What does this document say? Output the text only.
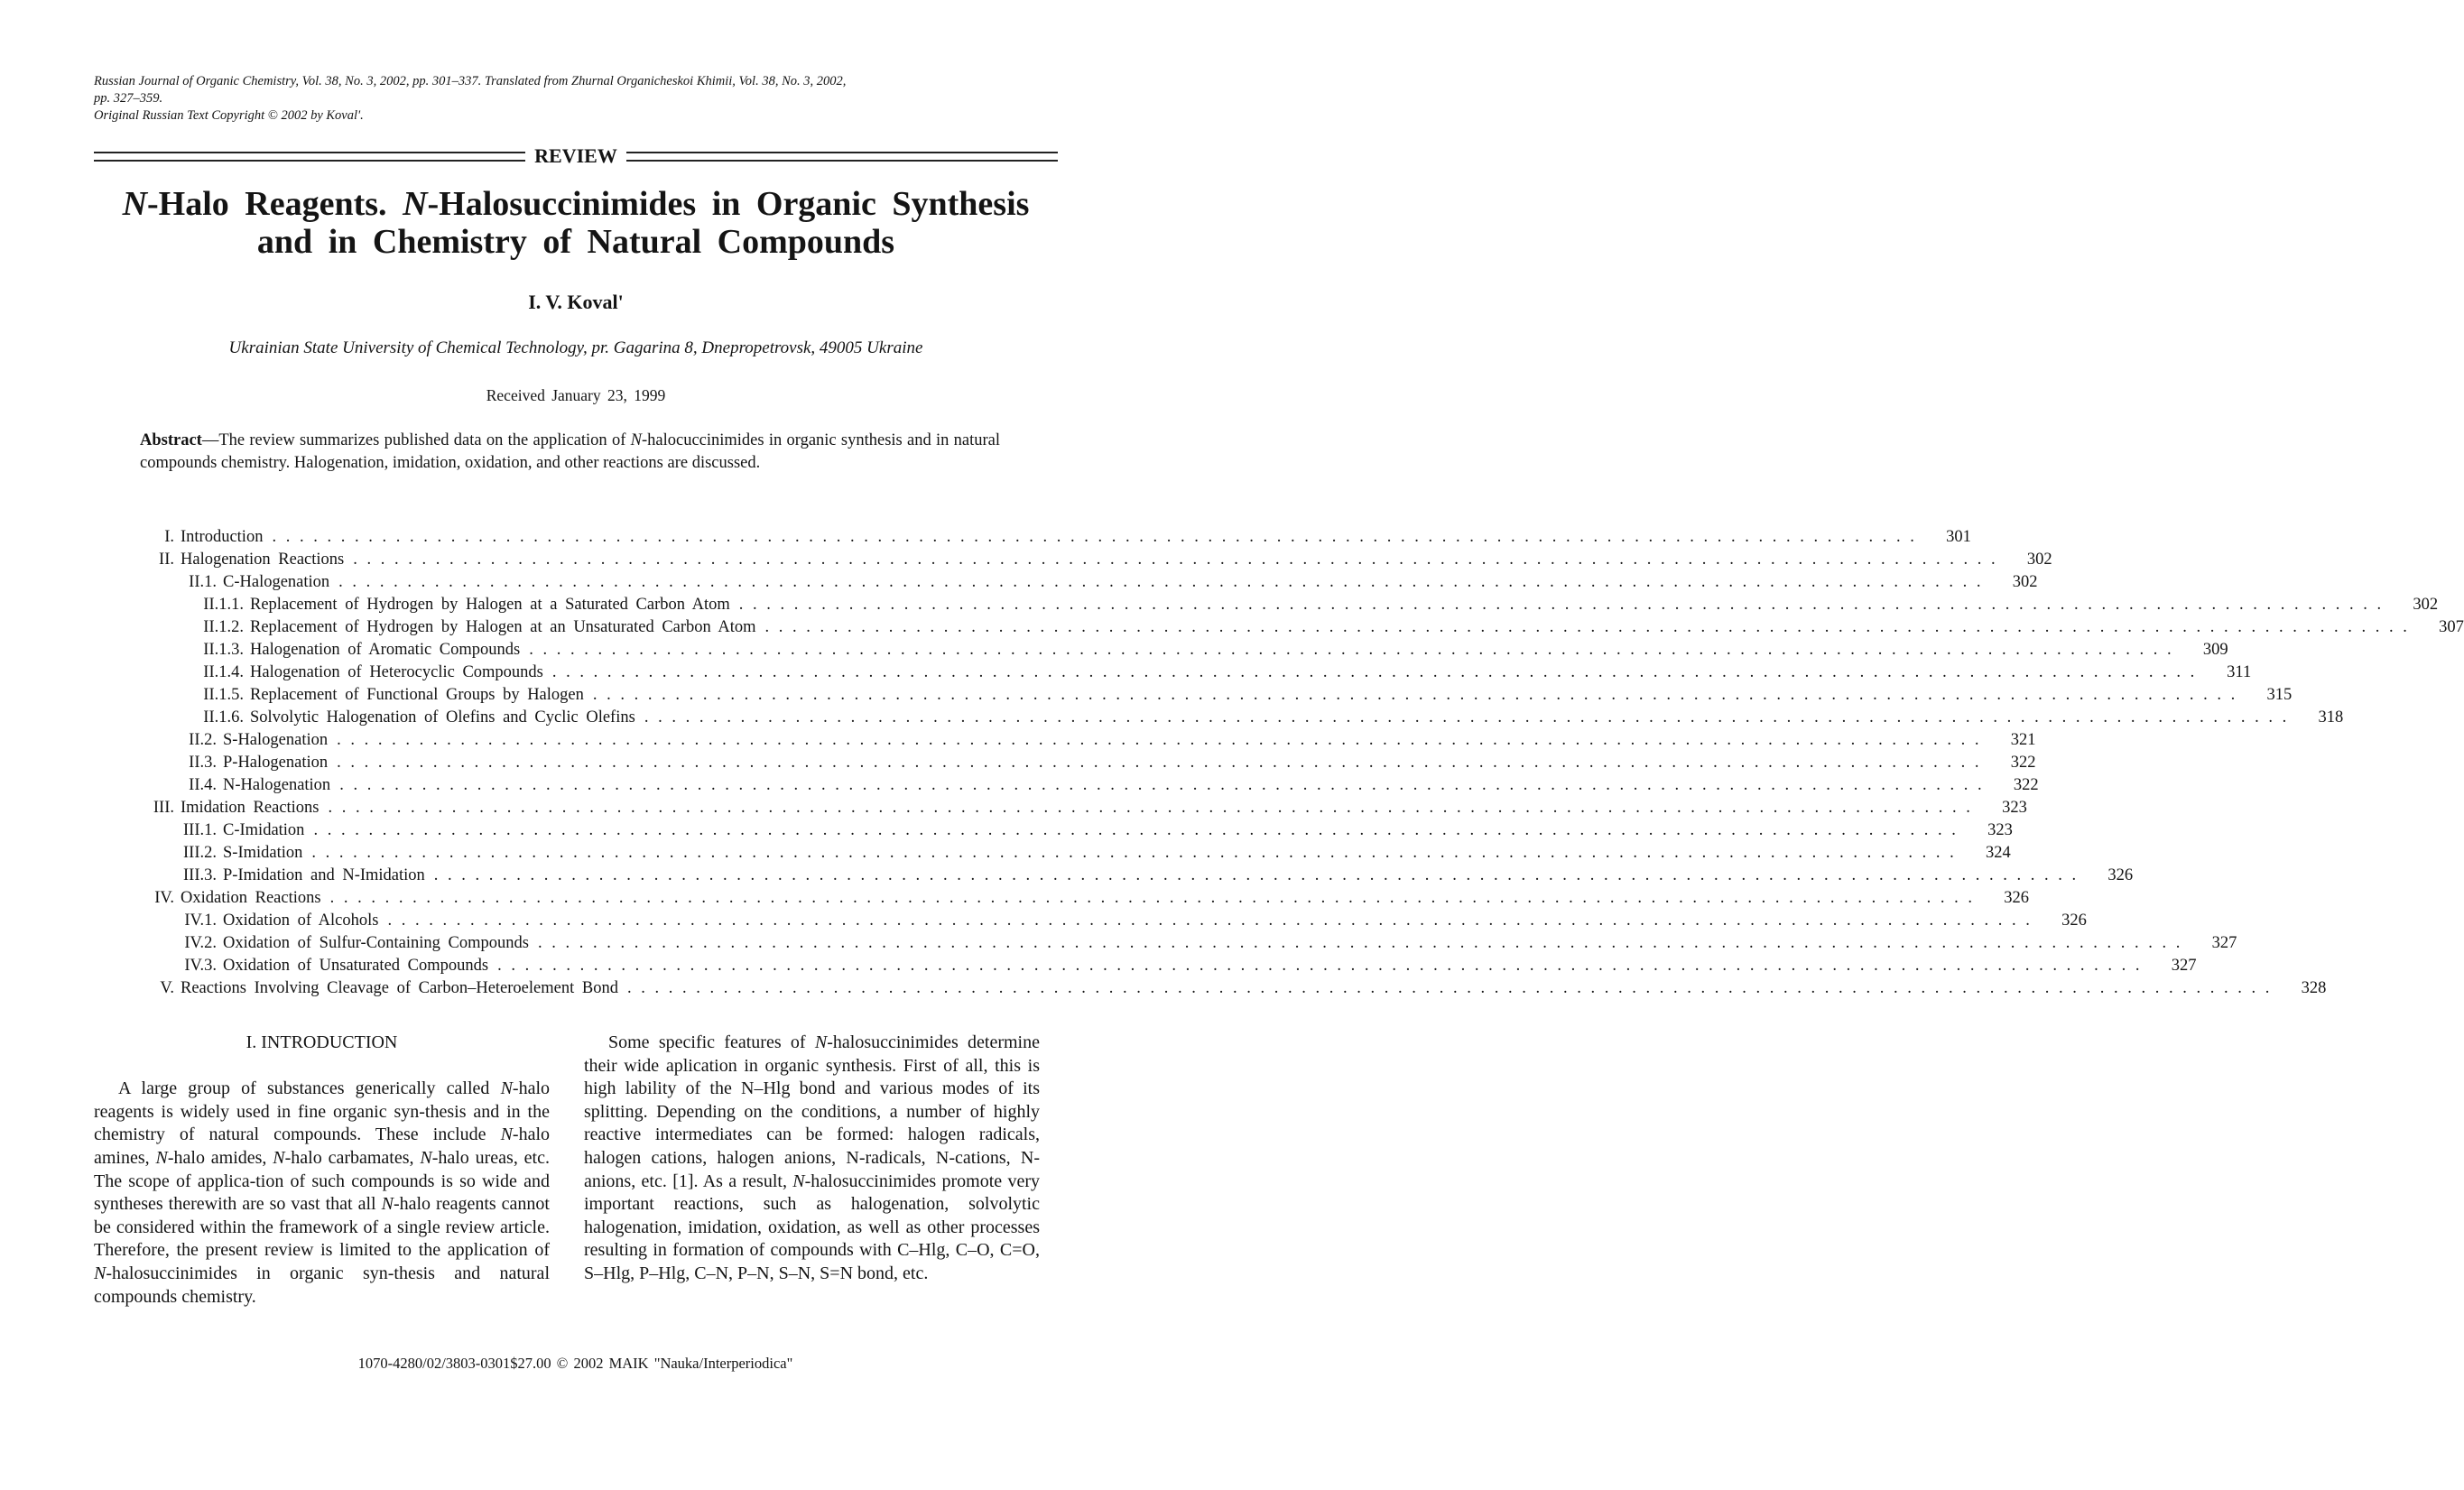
Russian Journal of Organic Chemistry, Vol. 38, No. 3, 2002, pp. 301–337. Translated from Zhurnal Organicheskoi Khimii, Vol. 38, No. 3, 2002,
pp. 327–359.
Original Russian Text Copyright © 2002 by Koval'.
REVIEW
N-Halo Reagents. N-Halosuccinimides in Organic Synthesis
and in Chemistry of Natural Compounds
I. V. Koval'
Ukrainian State University of Chemical Technology, pr. Gagarina 8, Dnepropetrovsk, 49005 Ukraine
Received January 23, 1999
Abstract—The review summarizes published data on the application of N-halocuccinimides in organic synthesis and in natural compounds chemistry. Halogenation, imidation, oxidation, and other reactions are discussed.
I. Introduction . . . . . . . . . . . . . . . . . . . . . . . . . . . . . . . . . . . . . . . . . . . . . . . . . . . . . . . . . . . . . . . . . . . . . . . . . . . . . . . . . . . . . . . . . . . . . . . . . . . . . . . . . . . . . . . . . . . . . . . .	301
II. Halogenation Reactions . . . . . . . . . . . . . . . . . . . . . . . . . . . . . . . . . . . . . . . . . . . . . . . . . . . . . . . . . . . . . . . . . . . . . . . . . . . . . . . . . . . . . . . . . . . . . . . . . . . . . . . . . . . . . . . . . . . . . . . .	302
II.1. C-Halogenation . . . . . . . . . . . . . . . . . . . . . . . . . . . . . . . . . . . . . . . . . . . . . . . . . . . . . . . . . . . . . . . . . . . . . . . . . . . . . . . . . . . . . . . . . . . . . . . . . . . . . . . . . . . . . . . . . . . . . . . .	302
II.1.1. Replacement of Hydrogen by Halogen at a Saturated Carbon Atom . . . . . . . . . . . . . . . . . . . . . . . . . . . . . . . . . . . . . . . . . . . . . . . . . . . . . . . . . . . . . . . . . . . . . . . . . . . . . . . . . . . . . . . . . . . . . . . . . . . . . . . . . . . . . . . . . . . . . . . .	302
II.1.2. Replacement of Hydrogen by Halogen at an Unsaturated Carbon Atom . . . . . . . . . . . . . . . . . . . . . . . . . . . . . . . . . . . . . . . . . . . . . . . . . . . . . . . . . . . . . . . . . . . . . . . . . . . . . . . . . . . . . . . . . . . . . . . . . . . . . . . . . . . . . . . . . . . . . . . .	307
II.1.3. Halogenation of Aromatic Compounds . . . . . . . . . . . . . . . . . . . . . . . . . . . . . . . . . . . . . . . . . . . . . . . . . . . . . . . . . . . . . . . . . . . . . . . . . . . . . . . . . . . . . . . . . . . . . . . . . . . . . . . . . . . . . . . . . . . . . . . .	309
II.1.4. Halogenation of Heterocyclic Compounds . . . . . . . . . . . . . . . . . . . . . . . . . . . . . . . . . . . . . . . . . . . . . . . . . . . . . . . . . . . . . . . . . . . . . . . . . . . . . . . . . . . . . . . . . . . . . . . . . . . . . . . . . . . . . . . . . . . . . . . .	311
II.1.5. Replacement of Functional Groups by Halogen . . . . . . . . . . . . . . . . . . . . . . . . . . . . . . . . . . . . . . . . . . . . . . . . . . . . . . . . . . . . . . . . . . . . . . . . . . . . . . . . . . . . . . . . . . . . . . . . . . . . . . . . . . . . . . . . . . . . . . . .	315
II.1.6. Solvolytic Halogenation of Olefins and Cyclic Olefins . . . . . . . . . . . . . . . . . . . . . . . . . . . . . . . . . . . . . . . . . . . . . . . . . . . . . . . . . . . . . . . . . . . . . . . . . . . . . . . . . . . . . . . . . . . . . . . . . . . . . . . . . . . . . . . . . . . . . . . .	318
II.2. S-Halogenation . . . . . . . . . . . . . . . . . . . . . . . . . . . . . . . . . . . . . . . . . . . . . . . . . . . . . . . . . . . . . . . . . . . . . . . . . . . . . . . . . . . . . . . . . . . . . . . . . . . . . . . . . . . . . . . . . . . . . . . .	321
II.3. P-Halogenation . . . . . . . . . . . . . . . . . . . . . . . . . . . . . . . . . . . . . . . . . . . . . . . . . . . . . . . . . . . . . . . . . . . . . . . . . . . . . . . . . . . . . . . . . . . . . . . . . . . . . . . . . . . . . . . . . . . . . . . .	322
II.4. N-Halogenation . . . . . . . . . . . . . . . . . . . . . . . . . . . . . . . . . . . . . . . . . . . . . . . . . . . . . . . . . . . . . . . . . . . . . . . . . . . . . . . . . . . . . . . . . . . . . . . . . . . . . . . . . . . . . . . . . . . . . . . .	322
III. Imidation Reactions . . . . . . . . . . . . . . . . . . . . . . . . . . . . . . . . . . . . . . . . . . . . . . . . . . . . . . . . . . . . . . . . . . . . . . . . . . . . . . . . . . . . . . . . . . . . . . . . . . . . . . . . . . . . . . . . . . . . . . . .	323
III.1. C-Imidation . . . . . . . . . . . . . . . . . . . . . . . . . . . . . . . . . . . . . . . . . . . . . . . . . . . . . . . . . . . . . . . . . . . . . . . . . . . . . . . . . . . . . . . . . . . . . . . . . . . . . . . . . . . . . . . . . . . . . . . .	323
III.2. S-Imidation . . . . . . . . . . . . . . . . . . . . . . . . . . . . . . . . . . . . . . . . . . . . . . . . . . . . . . . . . . . . . . . . . . . . . . . . . . . . . . . . . . . . . . . . . . . . . . . . . . . . . . . . . . . . . . . . . . . . . . . .	324
III.3. P-Imidation and N-Imidation . . . . . . . . . . . . . . . . . . . . . . . . . . . . . . . . . . . . . . . . . . . . . . . . . . . . . . . . . . . . . . . . . . . . . . . . . . . . . . . . . . . . . . . . . . . . . . . . . . . . . . . . . . . . . . . . . . . . . . . .	326
IV. Oxidation Reactions . . . . . . . . . . . . . . . . . . . . . . . . . . . . . . . . . . . . . . . . . . . . . . . . . . . . . . . . . . . . . . . . . . . . . . . . . . . . . . . . . . . . . . . . . . . . . . . . . . . . . . . . . . . . . . . . . . . . . . . .	326
IV.1. Oxidation of Alcohols . . . . . . . . . . . . . . . . . . . . . . . . . . . . . . . . . . . . . . . . . . . . . . . . . . . . . . . . . . . . . . . . . . . . . . . . . . . . . . . . . . . . . . . . . . . . . . . . . . . . . . . . . . . . . . . . . . . . . . . .	326
IV.2. Oxidation of Sulfur-Containing Compounds . . . . . . . . . . . . . . . . . . . . . . . . . . . . . . . . . . . . . . . . . . . . . . . . . . . . . . . . . . . . . . . . . . . . . . . . . . . . . . . . . . . . . . . . . . . . . . . . . . . . . . . . . . . . . . . . . . . . . . . .	327
IV.3. Oxidation of Unsaturated Compounds . . . . . . . . . . . . . . . . . . . . . . . . . . . . . . . . . . . . . . . . . . . . . . . . . . . . . . . . . . . . . . . . . . . . . . . . . . . . . . . . . . . . . . . . . . . . . . . . . . . . . . . . . . . . . . . . . . . . . . . .	327
V. Reactions Involving Cleavage of Carbon–Heteroelement Bond . . . . . . . . . . . . . . . . . . . . . . . . . . . . . . . . . . . . . . . . . . . . . . . . . . . . . . . . . . . . . . . . . . . . . . . . . . . . . . . . . . . . . . . . . . . . . . . . . . . . . . . . . . . . . . . . . . . . . . . .	328
I. INTRODUCTION

A large group of substances generically called N-halo reagents is widely used in fine organic syn-thesis and in the chemistry of natural compounds. These include N-halo amines, N-halo amides, N-halo carbamates, N-halo ureas, etc. The scope of applica-tion of such compounds is so wide and syntheses therewith are so vast that all N-halo reagents cannot be considered within the framework of a single review article. Therefore, the present review is limited to the application of N-halosuccinimides in organic syn-thesis and natural compounds chemistry.

Some specific features of N-halosuccinimides determine their wide aplication in organic synthesis. First of all, this is high lability of the N–Hlg bond and various modes of its splitting. Depending on the conditions, a number of highly reactive intermediates can be formed: halogen radicals, halogen cations, halogen anions, N-radicals, N-cations, N-anions, etc. [1]. As a result, N-halosuccinimides promote very important reactions, such as halogenation, solvolytic halogenation, imidation, oxidation, as well as other processes resulting in formation of compounds with C–Hlg, C–O, C=O, S–Hlg, P–Hlg, C–N, P–N, S–N, S=N bond, etc.

1070-4280/02/3803-0301$27.00 © 2002 MAIK "Nauka/Interperiodica"
